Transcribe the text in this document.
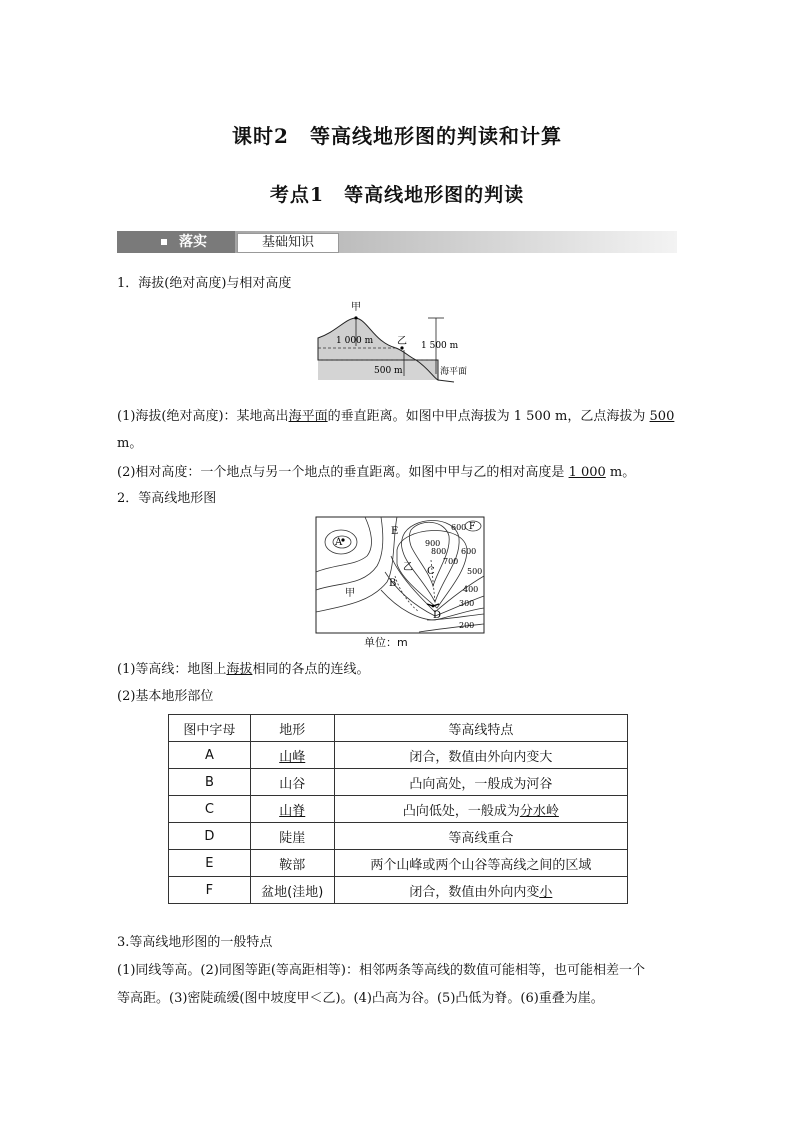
课时2　等高线地形图的判读和计算
考点1　等高线地形图的判读
落实	基础知识
1．海拔(绝对高度)与相对高度
甲
乙
1 000 m	1 500 m
500 m	海平面
(1)海拔(绝对高度)：某地高出海平面的垂直距离。如图中甲点海拔为 1 500 m，乙点海拔为 500
m。
(2)相对高度：一个地点与另一个地点的垂直距离。如图中甲与乙的相对高度是 1 000 m。
2．等高线地形图
A
B
C
D
E	F
甲
乙
900
800
700
600
600
500
400
300
200
单位：m
(1)等高线：地图上海拔相同的各点的连线。
(2)基本地形部位
图中字母	地形	等高线特点
A	山峰	闭合，数值由外向内变大
B	山谷	凸向高处，一般成为河谷
C	山脊	凸向低处，一般成为分水岭
D	陡崖	等高线重合
E	鞍部	两个山峰或两个山谷等高线之间的区域
F	盆地(洼地)	闭合，数值由外向内变小
3.等高线地形图的一般特点
(1)同线等高。(2)同图等距(等高距相等)：相邻两条等高线的数值可能相等，也可能相差一个
等高距。(3)密陡疏缓(图中坡度甲＜乙)。(4)凸高为谷。(5)凸低为脊。(6)重叠为崖。
